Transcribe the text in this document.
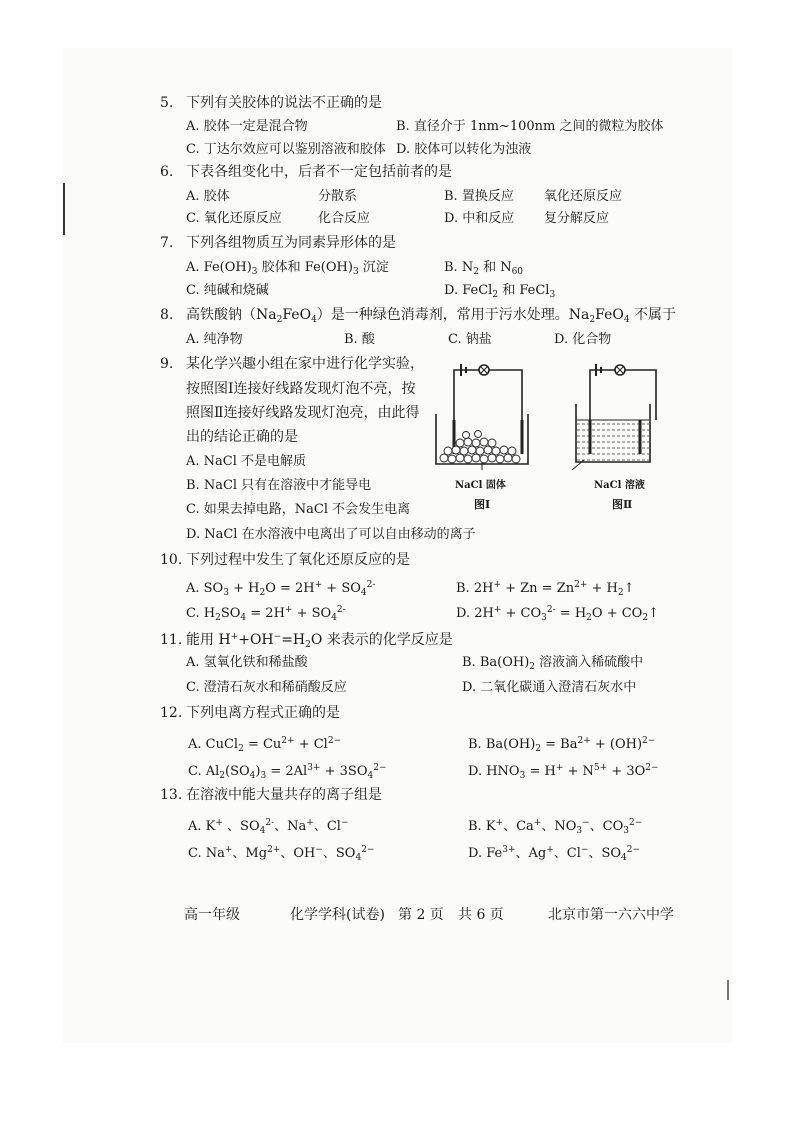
5. 下列有关胶体的说法不正确的是
A. 胶体一定是混合物	B. 直径介于 1nm~100nm 之间的微粒为胶体
C. 丁达尔效应可以鉴别溶液和胶体 D. 胶体可以转化为浊液
6. 下表各组变化中，后者不一定包括前者的是
A. 胶体	分散系	B. 置换反应 氧化还原反应
C. 氧化还原反应	化合反应	D. 中和反应 复分解反应
7. 下列各组物质互为同素异形体的是
A. $Fe(OH)_3$ 胶体和 $Fe(OH)_3$ 沉淀	B. $N_2$ 和 $N_{60}$
C. 纯碱和烧碱	D. FeCl$_2$ 和 FeCl$_3$
8. 高铁酸钠$(Na_2FeO_4)$是一种绿色消毒剂，常用于污水处理。$Na_2FeO_4$ 不属于
A. 纯净物	B. 酸	C. 钠盐	D. 化合物
9. 某化学兴趣小组在家中进行化学实验，
按照图Ⅰ连接好线路发现灯泡不亮，按
照图Ⅱ连接好线路发现灯泡亮，由此得
出的结论正确的是
A. NaCl 不是电解质
B. NaCl 只有在溶液中才能导电
C. 如果去掉电路，NaCl 不会发生电离
D. NaCl 在水溶液中电离出了可以自由移动的离子
NaCl 固体
图Ⅰ
NaCl 溶液
图Ⅱ
10. 下列过程中发生了氧化还原反应的是
A. $SO_3 + H_2O = 2H^+ + SO_4^{2-}$	B. $2H^+ + Zn = Zn^{2+}$ + $H_2↑$
C. $H_2SO_4 = 2H^+ + SO_4^{2-}$	D. $2H^+ + CO_3^{2-} = H_2O$ + $CO_2↑$
11. 能用 $H^++OH^-=H_2O$ 来表示的化学反应是
A. 氢氧化铁和稀盐酸	B. $Ba(OH)_2$ 溶液滴入稀硫酸中
C. 澄清石灰水和稀硝酸反应	D. 二氧化碳通入澄清石灰水中
12. 下列电离方程式正确的是
A. CuCl$_2$ = $Cu^{2+} + Cl^{2-}$	B. $Ba(OH)_2 = Ba^{2+} + (OH)^{2-}$
C. $Al_2(SO_4)_3 = 2Al^{3+} + 3SO_4^{2-}$	D. $HNO_3 = H^+ + N^{5+} + 3O^{2-}$
13. 在溶液中能大量共存的离子组是
A. K+ 、$SO_4^{2-}$、Na+、Cl−	B. K+、Ca+、$NO_3^-$、$CO_3^{2-}$
C. Na+、$Mg^{2+}$、OH−、$SO_4^{2-}$	D. $Fe^{3+}$、Ag+、Cl−、$SO_4^{2-}$
高一年级	化学学科(试卷) 第 2 页 共 6 页	北京市第一六六中学
